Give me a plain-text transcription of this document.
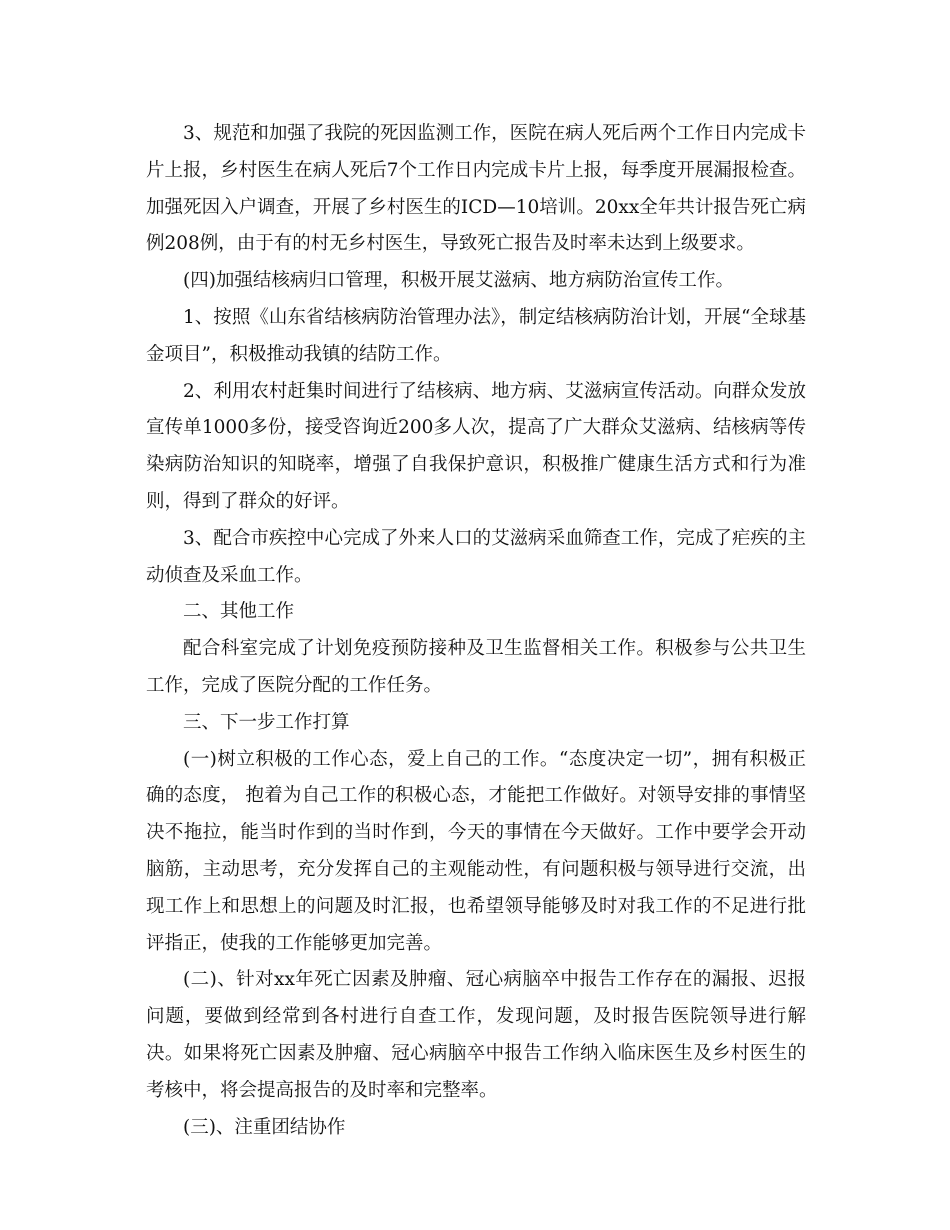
3、规范和加强了我院的死因监测工作，医院在病人死后两个工作日内完成卡片上报，乡村医生在病人死后7个工作日内完成卡片上报，每季度开展漏报检查。加强死因入户调查，开展了乡村医生的ICD—10培训。20xx全年共计报告死亡病例208例，由于有的村无乡村医生，导致死亡报告及时率未达到上级要求。

(四)加强结核病归口管理，积极开展艾滋病、地方病防治宣传工作。

1、按照《山东省结核病防治管理办法》，制定结核病防治计划，开展“全球基金项目”，积极推动我镇的结防工作。

2、利用农村赶集时间进行了结核病、地方病、艾滋病宣传活动。向群众发放宣传单1000多份，接受咨询近200多人次，提高了广大群众艾滋病、结核病等传染病防治知识的知晓率，增强了自我保护意识，积极推广健康生活方式和行为准则，得到了群众的好评。

3、配合市疾控中心完成了外来人口的艾滋病采血筛查工作，完成了疟疾的主动侦查及采血工作。

二、其他工作

配合科室完成了计划免疫预防接种及卫生监督相关工作。积极参与公共卫生工作，完成了医院分配的工作任务。

三、下一步工作打算

(一)树立积极的工作心态，爱上自己的工作。“态度决定一切”，拥有积极正确的态度， 抱着为自己工作的积极心态，才能把工作做好。对领导安排的事情坚决不拖拉，能当时作到的当时作到，今天的事情在今天做好。工作中要学会开动脑筋，主动思考，充分发挥自己的主观能动性，有问题积极与领导进行交流，出现工作上和思想上的问题及时汇报，也希望领导能够及时对我工作的不足进行批评指正，使我的工作能够更加完善。

(二)、针对xx年死亡因素及肿瘤、冠心病脑卒中报告工作存在的漏报、迟报问题，要做到经常到各村进行自查工作，发现问题，及时报告医院领导进行解决。如果将死亡因素及肿瘤、冠心病脑卒中报告工作纳入临床医生及乡村医生的考核中，将会提高报告的及时率和完整率。

(三)、注重团结协作
